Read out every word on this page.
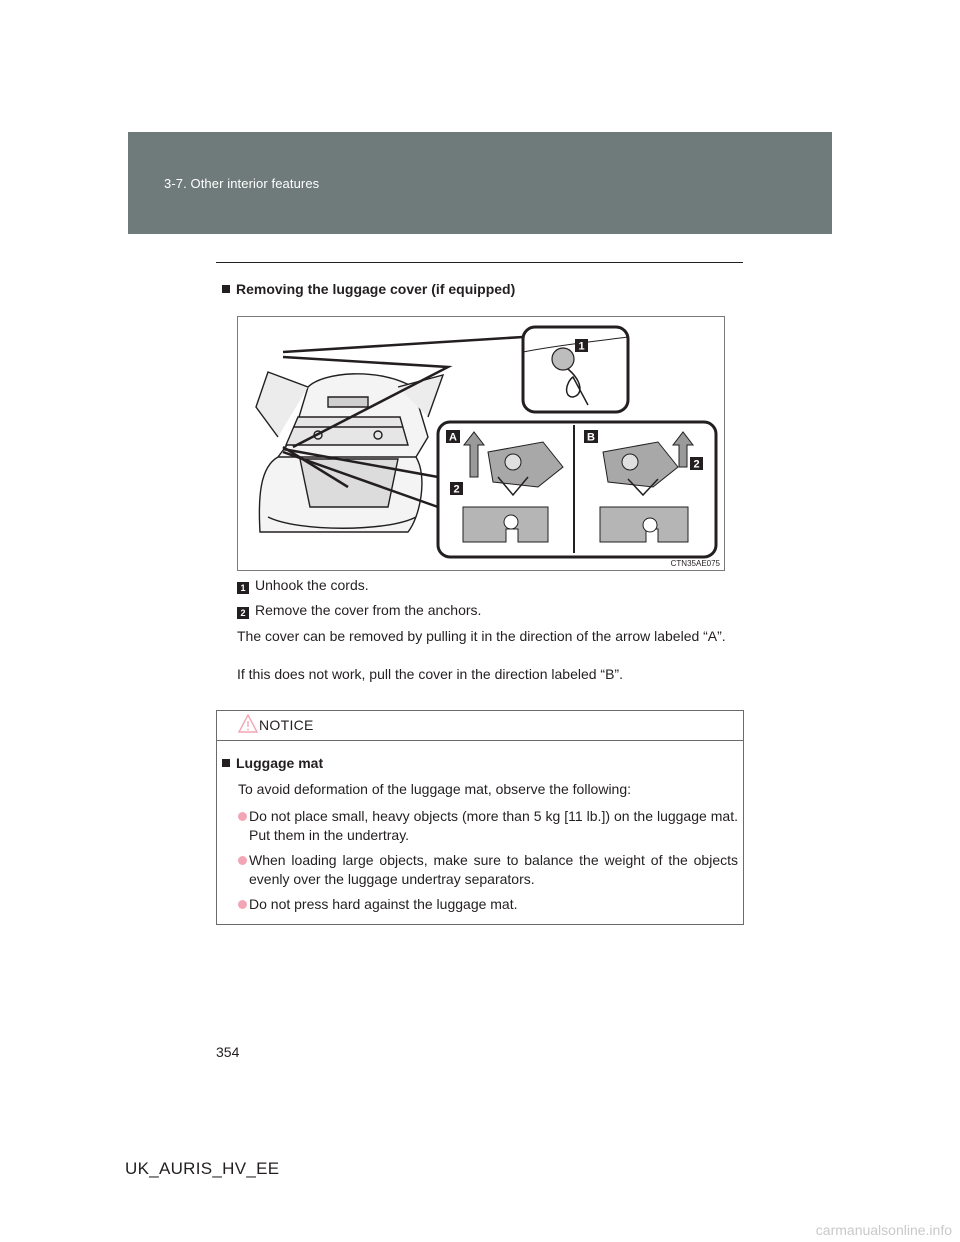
3-7. Other interior features
Removing the luggage cover (if equipped)
1
A
2
B
2
CTN35AE075
1 Unhook the cords.
2 Remove the cover from the anchors.
The cover can be removed by pulling it in the direction of the arrow labeled “A”.
If this does not work, pull the cover in the direction labeled “B”.
NOTICE
Luggage mat
To avoid deformation of the luggage mat, observe the following:
Do not place small, heavy objects (more than 5 kg [11 lb.]) on the luggage mat. Put them in the undertray.
When loading large objects, make sure to balance the weight of the objects evenly over the luggage undertray separators.
Do not press hard against the luggage mat.
354
UK_AURIS_HV_EE
carmanualsonline.info
